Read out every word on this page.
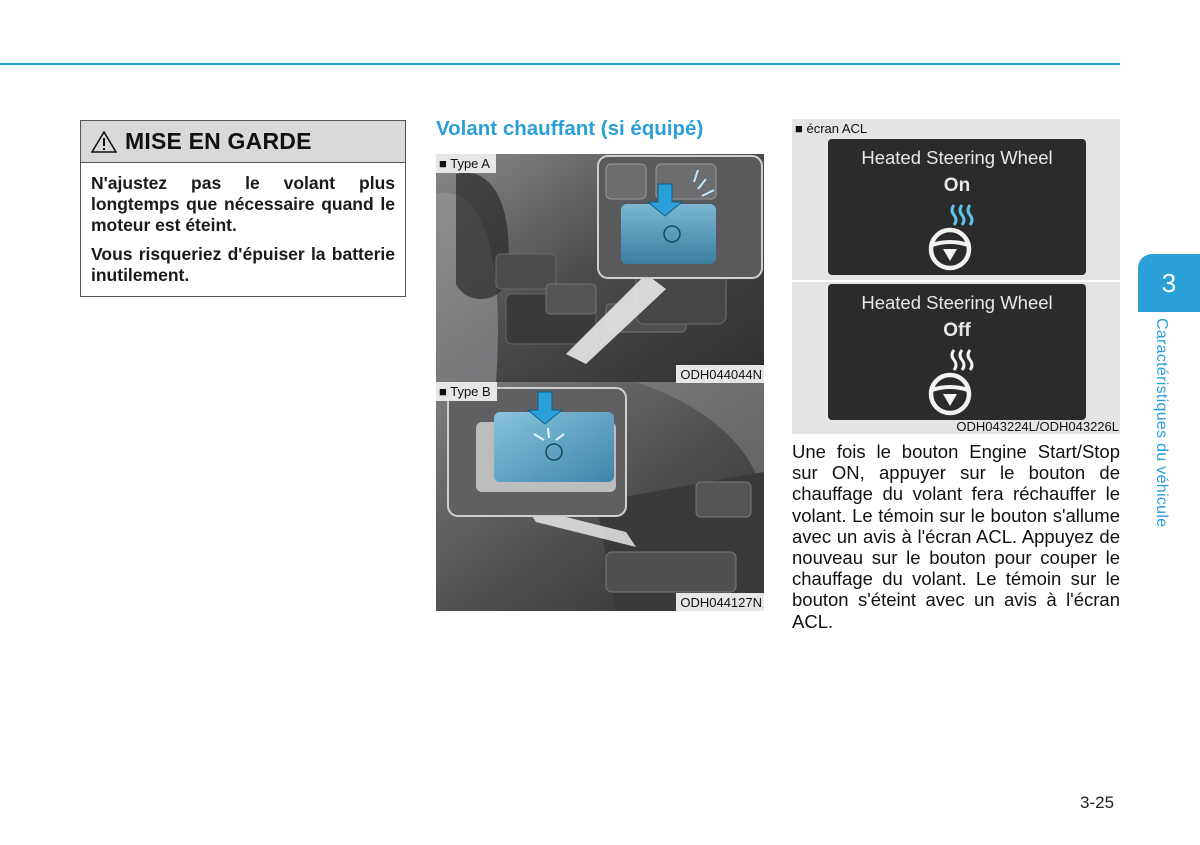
MISE EN GARDE

N'ajustez pas le volant plus longtemps que nécessaire quand le moteur est éteint.

Vous risqueriez d'épuiser la batterie inutilement.

Volant chauffant (si équipé)
■ Type A
ODH044044N
■ Type B
ODH044127N
■ écran ACL
Heated Steering Wheel
On
Heated Steering Wheel
Off
ODH043224L/ODH043226L

Une fois le bouton Engine Start/Stop sur ON, appuyer sur le bouton de chauffage du volant fera réchauffer le volant. Le témoin sur le bouton s'allume avec un avis à l'écran ACL. Appuyez de nouveau sur le bouton pour couper le chauffage du volant. Le témoin sur le bouton s'éteint avec un avis à l'écran ACL.

3
Caractéristiques du véhicule
3-25
